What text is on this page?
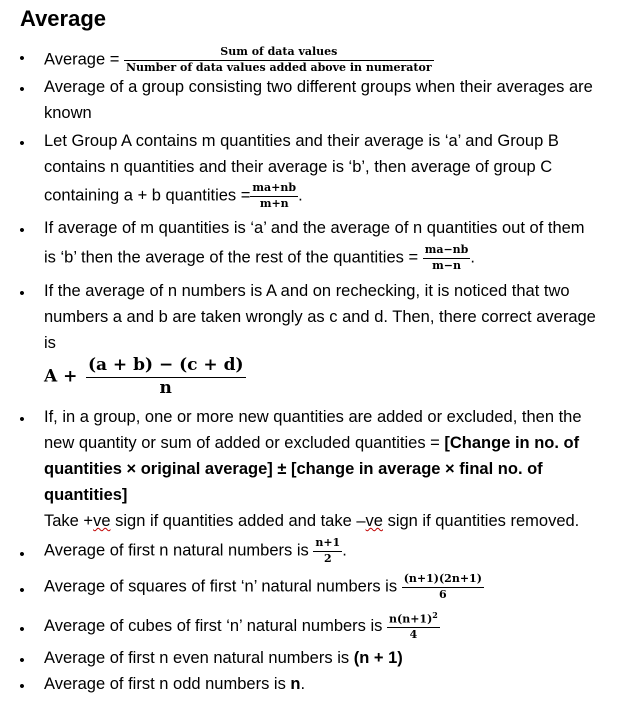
Average
• Average = $\frac{\text{Sum of data values}}{\text{Number of data values added above in numerator}}$
• Average of a group consisting two different groups when their averages are
known
• Let Group A contains m quantities and their average is ‘a’ and Group B
contains n quantities and their average is ‘b’, then average of group C
containing a + b quantities = $\frac{ma+nb}{m+n}$ .
• If average of m quantities is ‘a’ and the average of n quantities out of them
is ‘b’ then the average of the rest of the quantities = $\frac{ma-nb}{m-n}$ .
• If the average of n numbers is A and on rechecking, it is noticed that two
numbers a and b are taken wrongly as c and d. Then, there correct average
is
$A + \frac{(a + b) - (c + d)}{n}$
• If, in a group, one or more new quantities are added or excluded, then the
new quantity or sum of added or excluded quantities = [Change in no. of
quantities × original average] ± [change in average × final no. of
quantities]
Take +ve sign if quantities added and take –ve sign if quantities removed.
• Average of first n natural numbers is $\frac{n+1}{2}$ .
• Average of squares of first ‘n’ natural numbers is $\frac{(n+1)(2n+1)}{6}$
• Average of cubes of first ‘n’ natural numbers is $\frac{n(n+1)^2}{4}$
• Average of first n even natural numbers is (n + 1)
• Average of first n odd numbers is n.
